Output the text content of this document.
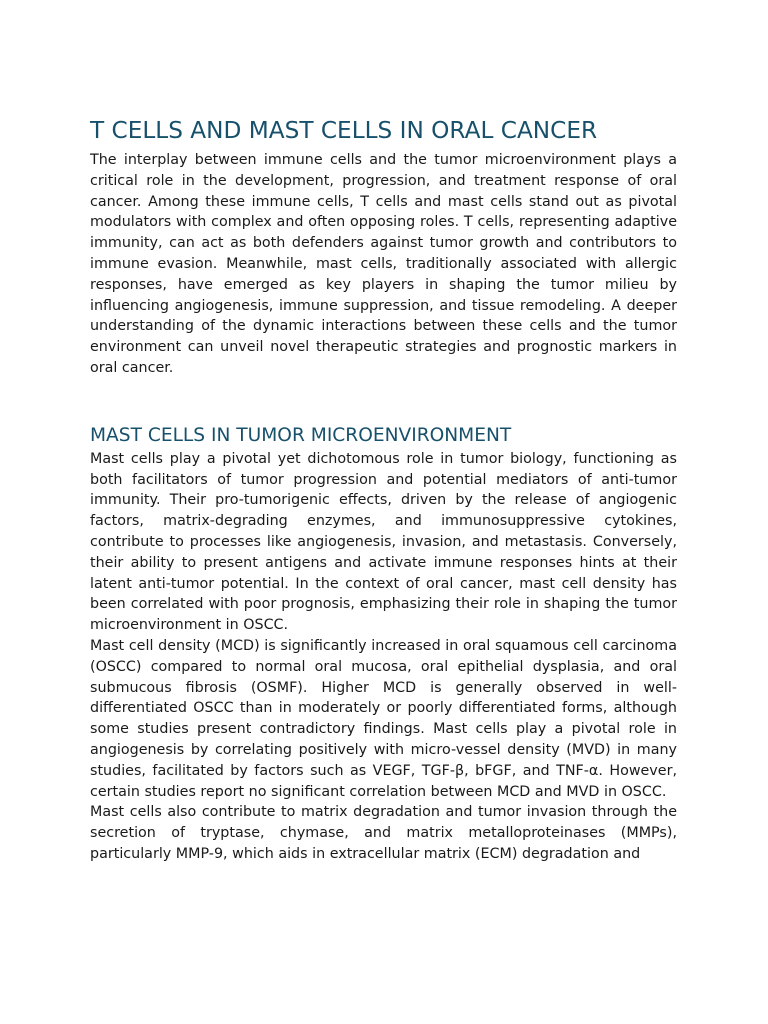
T CELLS AND MAST CELLS IN ORAL CANCER

The interplay between immune cells and the tumor microenvironment plays a critical role in the development, progression, and treatment response of oral cancer. Among these immune cells, T cells and mast cells stand out as pivotal modulators with complex and often opposing roles. T cells, representing adaptive immunity, can act as both defenders against tumor growth and contributors to immune evasion. Meanwhile, mast cells, traditionally associated with allergic responses, have emerged as key players in shaping the tumor milieu by influencing angiogenesis, immune suppression, and tissue remodeling. A deeper understanding of the dynamic interactions between these cells and the tumor environment can unveil novel therapeutic strategies and prognostic markers in oral cancer.

MAST CELLS IN TUMOR MICROENVIRONMENT

Mast cells play a pivotal yet dichotomous role in tumor biology, functioning as both facilitators of tumor progression and potential mediators of anti-tumor immunity. Their pro-tumorigenic effects, driven by the release of angiogenic factors, matrix-degrading enzymes, and immunosuppressive cytokines, contribute to processes like angiogenesis, invasion, and metastasis. Conversely, their ability to present antigens and activate immune responses hints at their latent anti-tumor potential. In the context of oral cancer, mast cell density has been correlated with poor prognosis, emphasizing their role in shaping the tumor microenvironment in OSCC.

Mast cell density (MCD) is significantly increased in oral squamous cell carcinoma (OSCC) compared to normal oral mucosa, oral epithelial dysplasia, and oral submucous fibrosis (OSMF). Higher MCD is generally observed in well-differentiated OSCC than in moderately or poorly differentiated forms, although some studies present contradictory findings. Mast cells play a pivotal role in angiogenesis by correlating positively with micro-vessel density (MVD) in many studies, facilitated by factors such as VEGF, TGF-β, bFGF, and TNF-α. However, certain studies report no significant correlation between MCD and MVD in OSCC.

Mast cells also contribute to matrix degradation and tumor invasion through the secretion of tryptase, chymase, and matrix metalloproteinases (MMPs), particularly MMP-9, which aids in extracellular matrix (ECM) degradation and
